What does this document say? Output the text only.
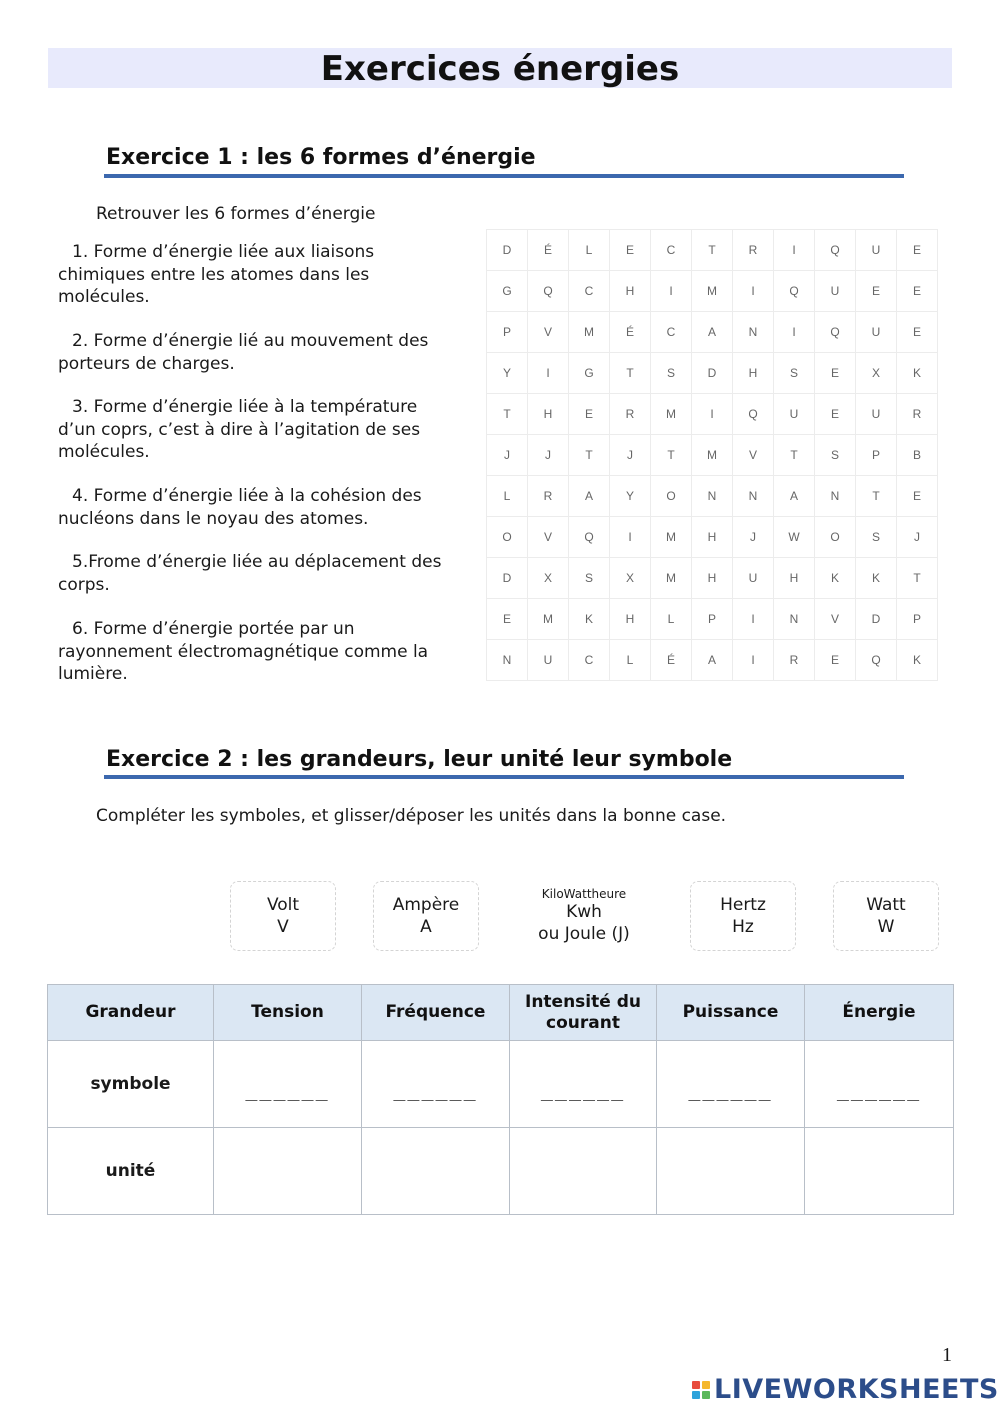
Exercices énergies
Exercice 1 : les 6 formes d’énergie
Retrouver les 6 formes d’énergie
1. Forme d’énergie liée aux liaisons
chimiques entre les atomes dans les molécules.
2. Forme d’énergie lié au mouvement des
porteurs de charges.
3. Forme d’énergie liée à la température
d’un coprs, c’est à dire à l’agitation de ses molécules.
4. Forme d’énergie liée à la cohésion des
nucléons dans le noyau des atomes.
5.Frome d’énergie liée au déplacement des
corps.
6. Forme d’énergie portée par un
rayonnement électromagnétique comme la lumière.
D	É	L	E	C	T	R	I	Q	U	E
G	Q	C	H	I	M	I	Q	U	E	E
P	V	M	É	C	A	N	I	Q	U	E
Y	I	G	T	S	D	H	S	E	X	K
T	H	E	R	M	I	Q	U	E	U	R
J	J	T	J	T	M	V	T	S	P	B
L	R	A	Y	O	N	N	A	N	T	E
O	V	Q	I	M	H	J	W	O	S	J
D	X	S	X	M	H	U	H	K	K	T
E	M	K	H	L	P	I	N	V	D	P
N	U	C	L	É	A	I	R	E	Q	K
Exercice 2 : les grandeurs, leur unité leur symbole
Compléter les symboles, et glisser/déposer les unités dans la bonne case.
Volt
V
Ampère
A
KiloWattheure
Kwh
ou Joule (J)
Hertz
Hz
Watt
W
Grandeur	Tension	Fréquence	Intensité du courant	Puissance	Énergie
symbole	______	______	______	______	______
unité					
1
LIVEWORKSHEETS
